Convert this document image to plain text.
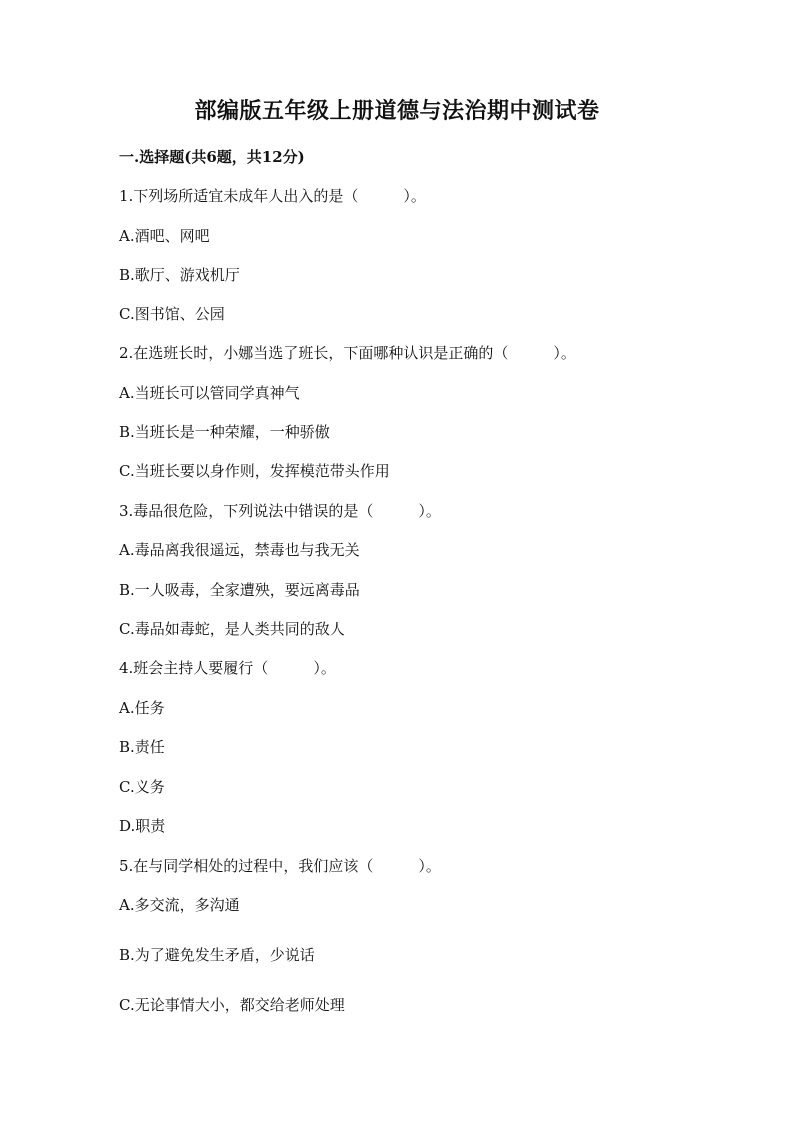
部编版五年级上册道德与法治期中测试卷
一.选择题(共6题，共12分)
1.下列场所适宜未成年人出入的是（　　　）。
A.酒吧、网吧
B.歌厅、游戏机厅
C.图书馆、公园
2.在选班长时，小娜当选了班长，下面哪种认识是正确的（　　　）。
A.当班长可以管同学真神气
B.当班长是一种荣耀，一种骄傲
C.当班长要以身作则，发挥模范带头作用
3.毒品很危险，下列说法中错误的是（　　　）。
A.毒品离我很遥远，禁毒也与我无关
B.一人吸毒，全家遭殃，要远离毒品
C.毒品如毒蛇，是人类共同的敌人
4.班会主持人要履行（　　　）。
A.任务
B.责任
C.义务
D.职责
5.在与同学相处的过程中，我们应该（　　　）。
A.多交流，多沟通
B.为了避免发生矛盾，少说话
C.无论事情大小，都交给老师处理
